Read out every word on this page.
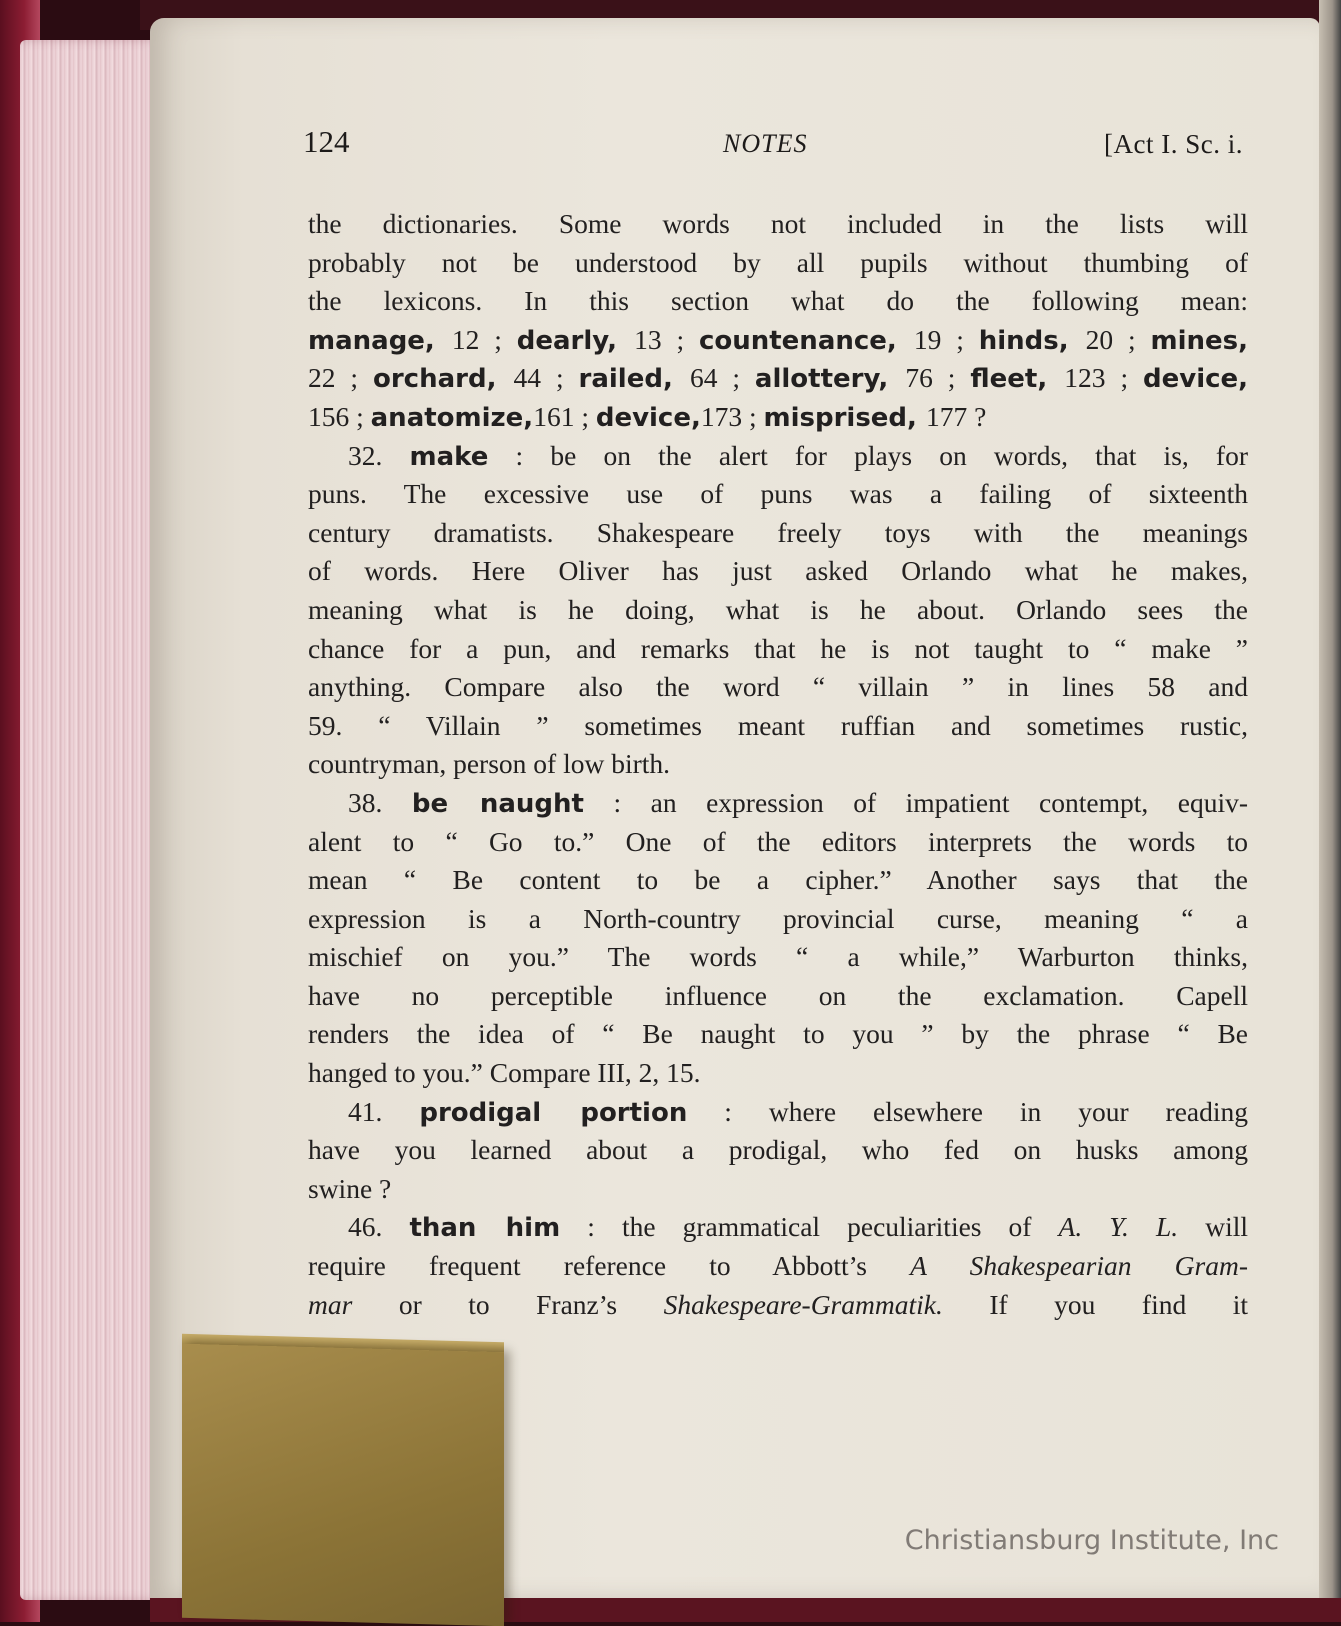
124	NOTES	[Act I. Sc. i.
the dictionaries. Some words not included in the lists will
probably not be understood by all pupils without thumbing of
the lexicons. In this section what do the following mean:
manage, 12 ; dearly, 13 ; countenance, 19 ; hinds, 20 ; mines,
22 ; orchard, 44 ; railed, 64 ; allottery, 76 ; fleet, 123 ; device,
156 ; anatomize,161 ; device,173 ; misprised, 177 ?
32. make : be on the alert for plays on words, that is, for
puns. The excessive use of puns was a failing of sixteenth
century dramatists. Shakespeare freely toys with the meanings
of words. Here Oliver has just asked Orlando what he makes,
meaning what is he doing, what is he about. Orlando sees the
chance for a pun, and remarks that he is not taught to “ make ”
anything. Compare also the word “ villain ” in lines 58 and
59. “ Villain ” sometimes meant ruffian and sometimes rustic,
countryman, person of low birth.
38. be naught : an expression of impatient contempt, equiv-
alent to “ Go to.” One of the editors interprets the words to
mean “ Be content to be a cipher.” Another says that the
expression is a North-country provincial curse, meaning “ a
mischief on you.” The words “ a while,” Warburton thinks,
have no perceptible influence on the exclamation. Capell
renders the idea of “ Be naught to you ” by the phrase “ Be
hanged to you.” Compare III, 2, 15.
41. prodigal portion : where elsewhere in your reading
have you learned about a prodigal, who fed on husks among
swine ?
46. than him : the grammatical peculiarities of A. Y. L. will
require frequent reference to Abbott’s A Shakespearian Gram-
mar or to Franz’s Shakespeare-Grammatik. If you find it
Christiansburg Institute, Inc
